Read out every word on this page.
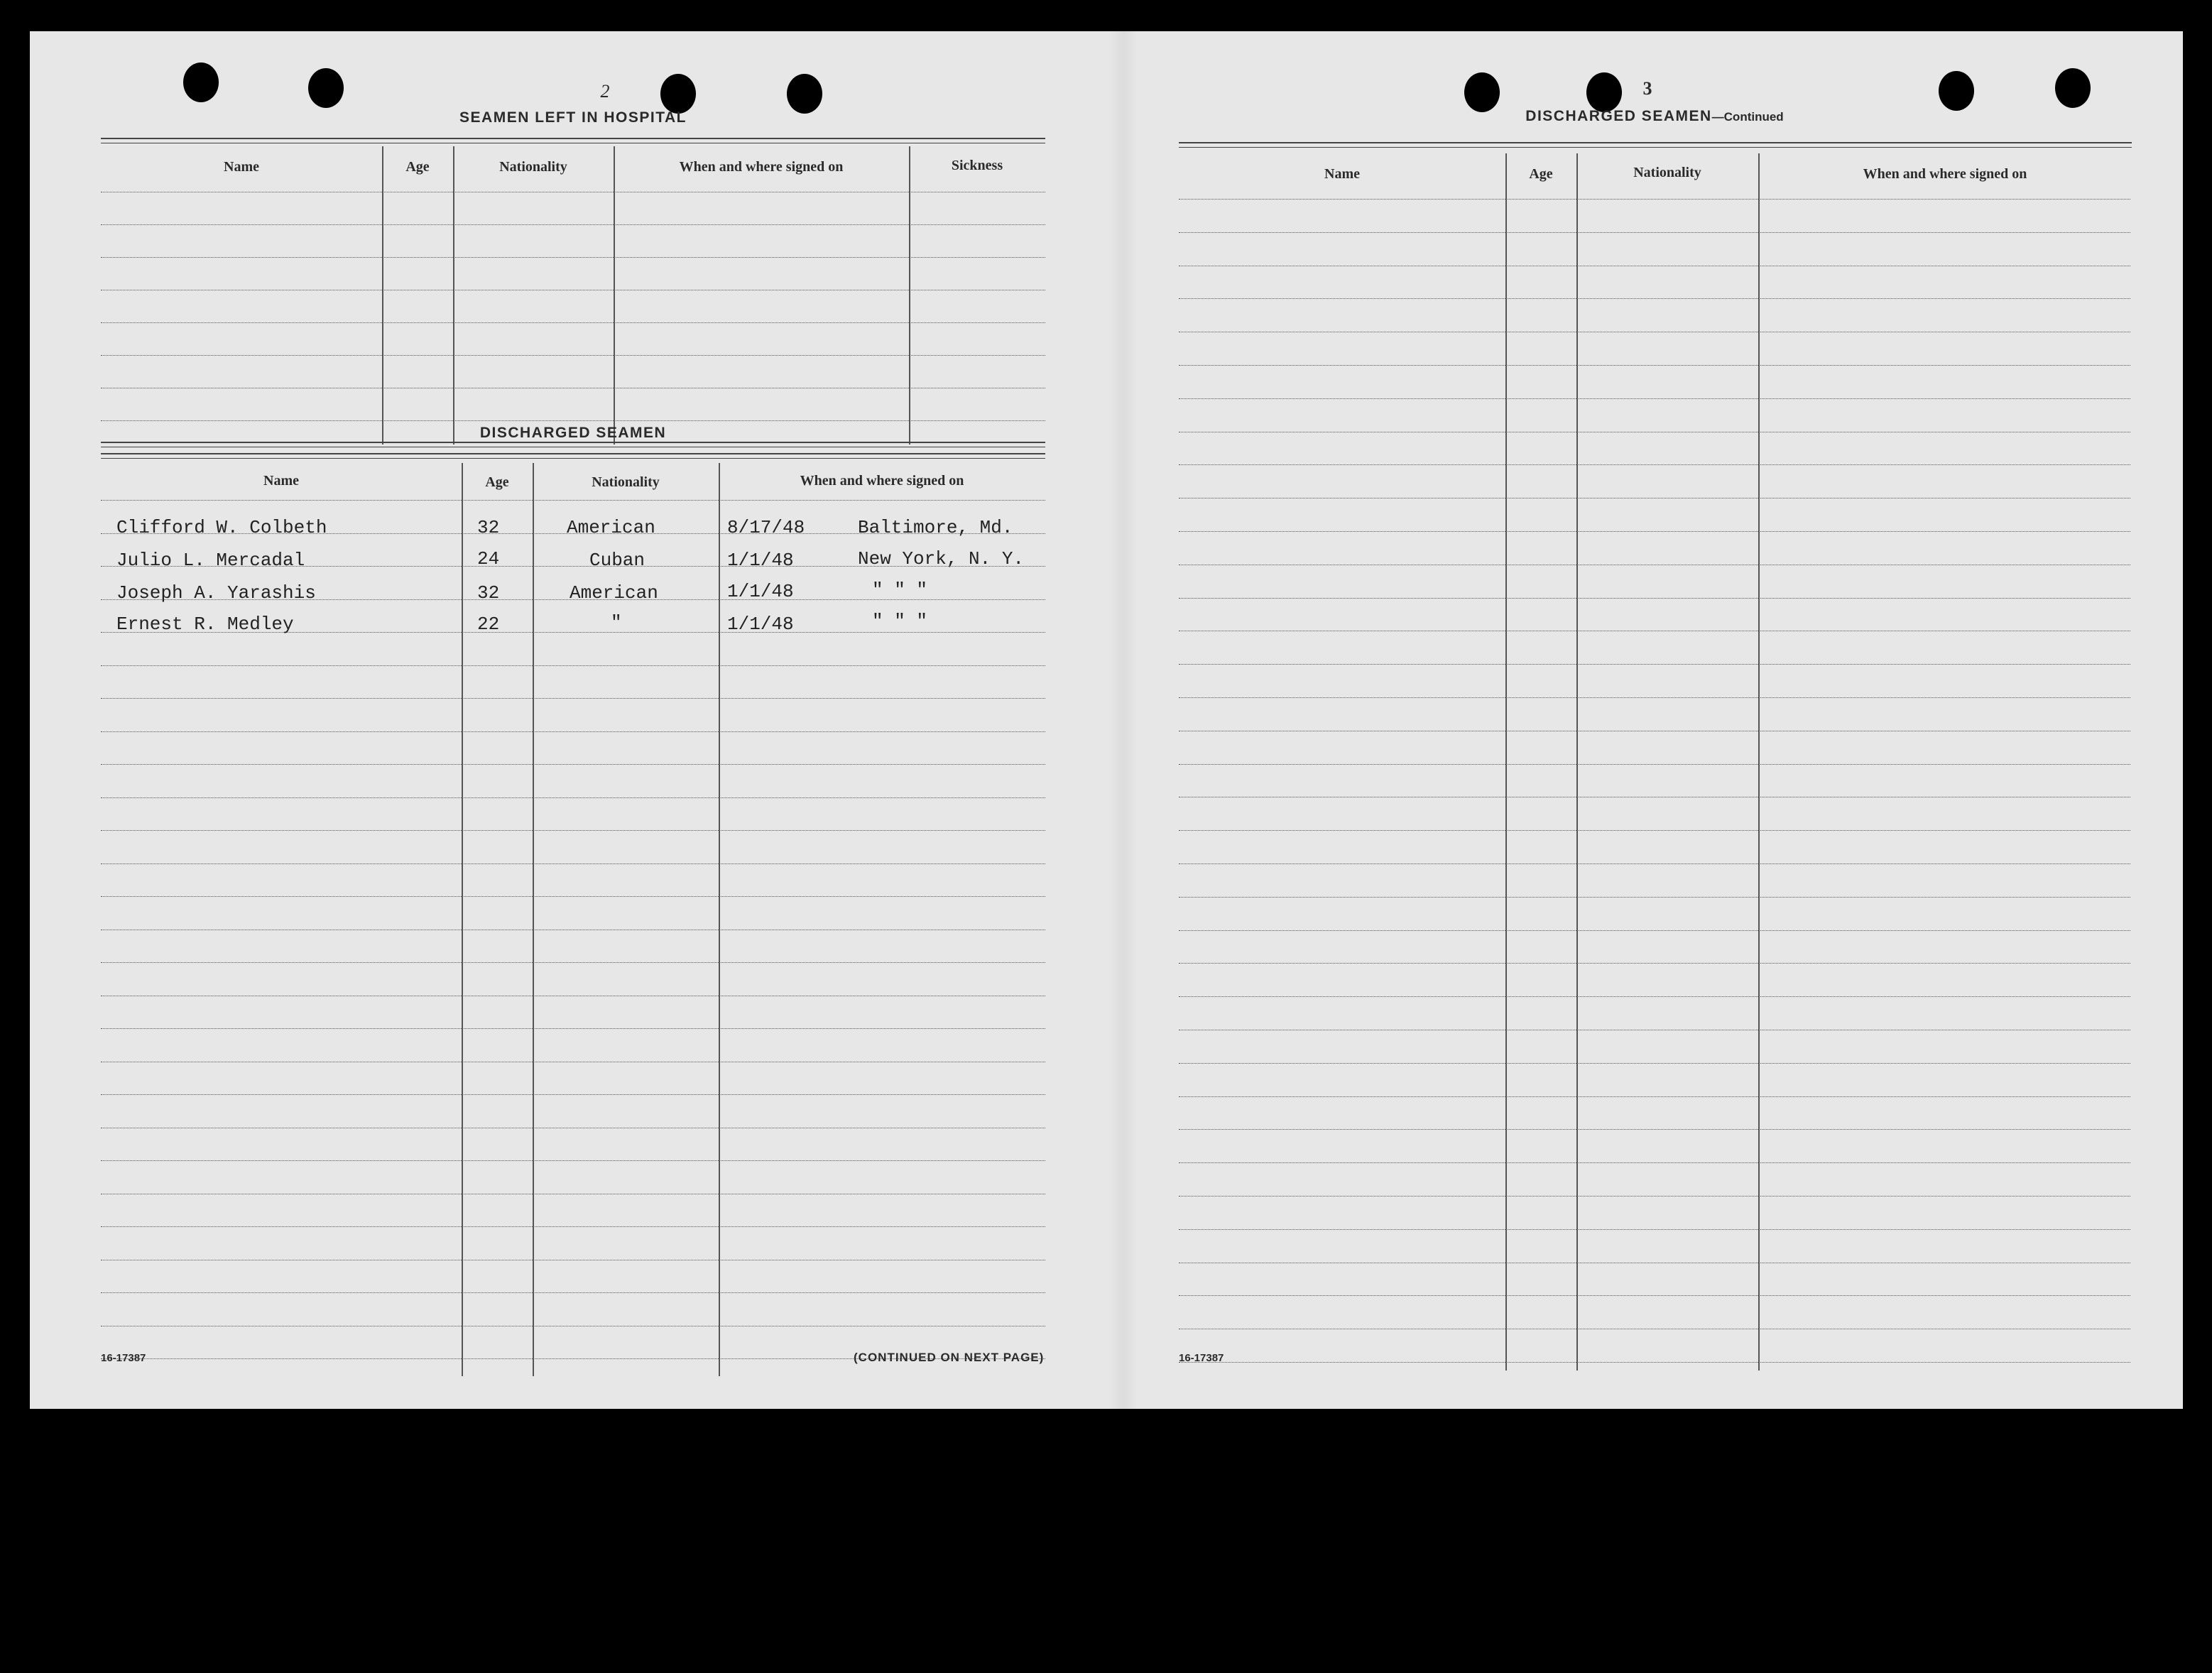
2
SEAMEN LEFT IN HOSPITAL
Name	Age	Nationality	When and where signed on	Sickness
DISCHARGED SEAMEN
Name	Age	Nationality	When and where signed on
Clifford W. Colbeth	32	American	8/17/48	Baltimore, Md.
Julio L. Mercadal	24	Cuban	1/1/48	New York, N. Y.
Joseph A. Yarashis	32	American	1/1/48	" " "
Ernest R. Medley	22	"	1/1/48	" " "
16-17387	(CONTINUED ON NEXT PAGE)
3
DISCHARGED SEAMEN—Continued
Name	Age	Nationality	When and where signed on
16-17387
